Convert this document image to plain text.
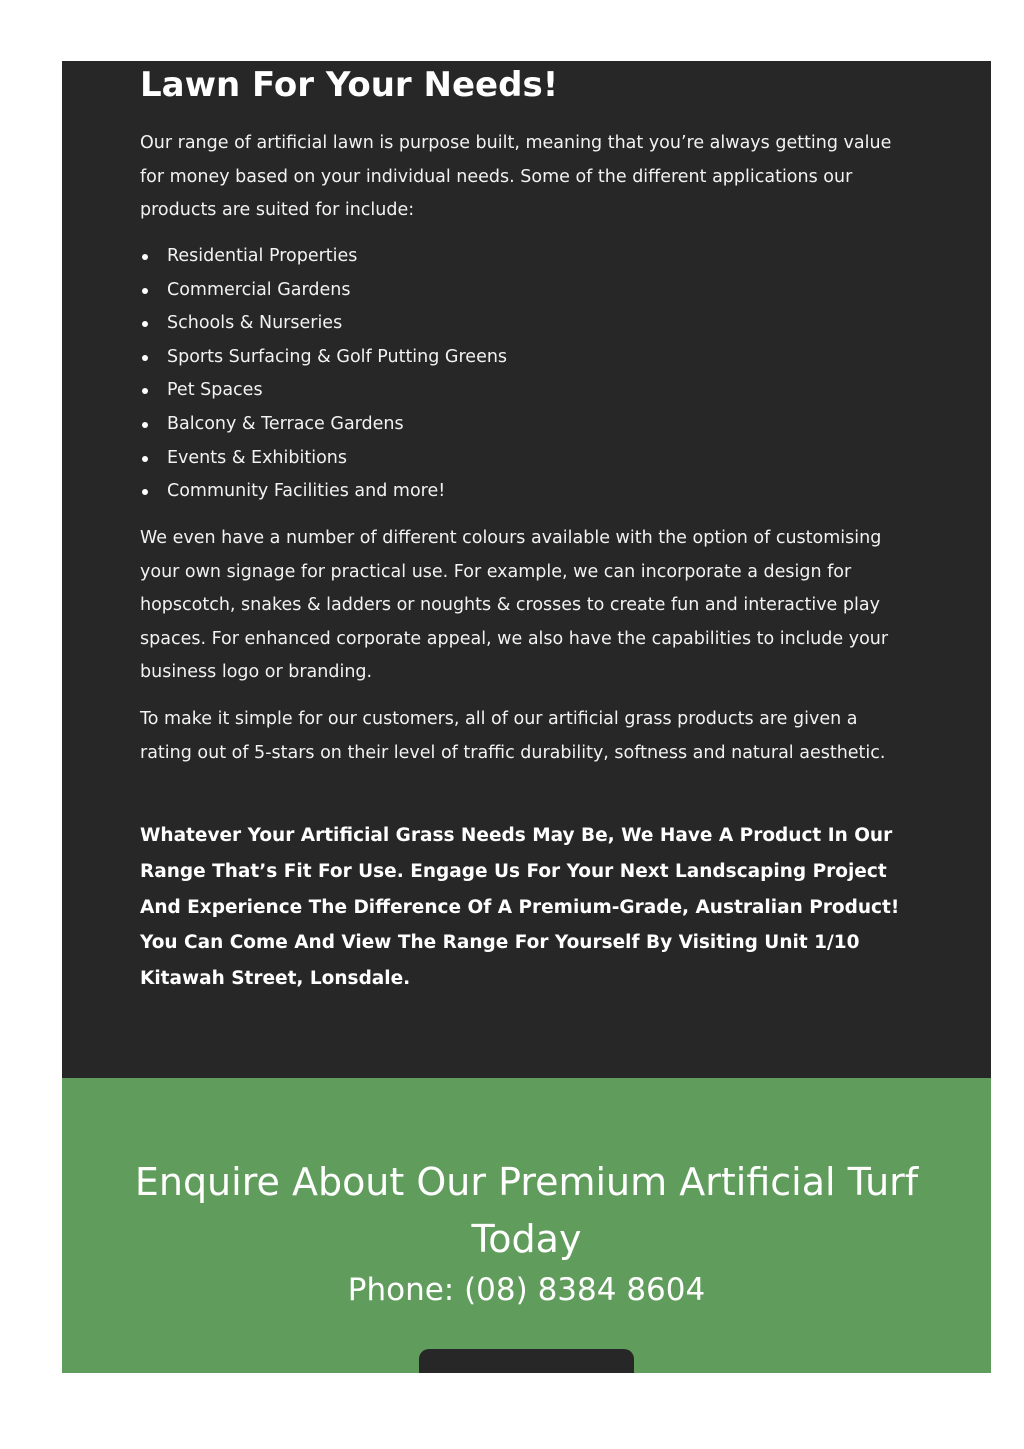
Lawn For Your Needs!

Our range of artificial lawn is purpose built, meaning that you’re always getting value for money based on your individual needs. Some of the different applications our products are suited for include:

Residential Properties
Commercial Gardens
Schools & Nurseries
Sports Surfacing & Golf Putting Greens
Pet Spaces
Balcony & Terrace Gardens
Events & Exhibitions
Community Facilities and more!

We even have a number of different colours available with the option of customising your own signage for practical use. For example, we can incorporate a design for hopscotch, snakes & ladders or noughts & crosses to create fun and interactive play spaces. For enhanced corporate appeal, we also have the capabilities to include your business logo or branding.

To make it simple for our customers, all of our artificial grass products are given a rating out of 5-stars on their level of traffic durability, softness and natural aesthetic.

Whatever Your Artificial Grass Needs May Be, We Have A Product In Our Range That’s Fit For Use. Engage Us For Your Next Landscaping Project And Experience The Difference Of A Premium-Grade, Australian Product! You Can Come And View The Range For Yourself By Visiting Unit 1/10 Kitawah Street, Lonsdale.

Enquire About Our Premium Artificial Turf Today
Phone: (08) 8384 8604
